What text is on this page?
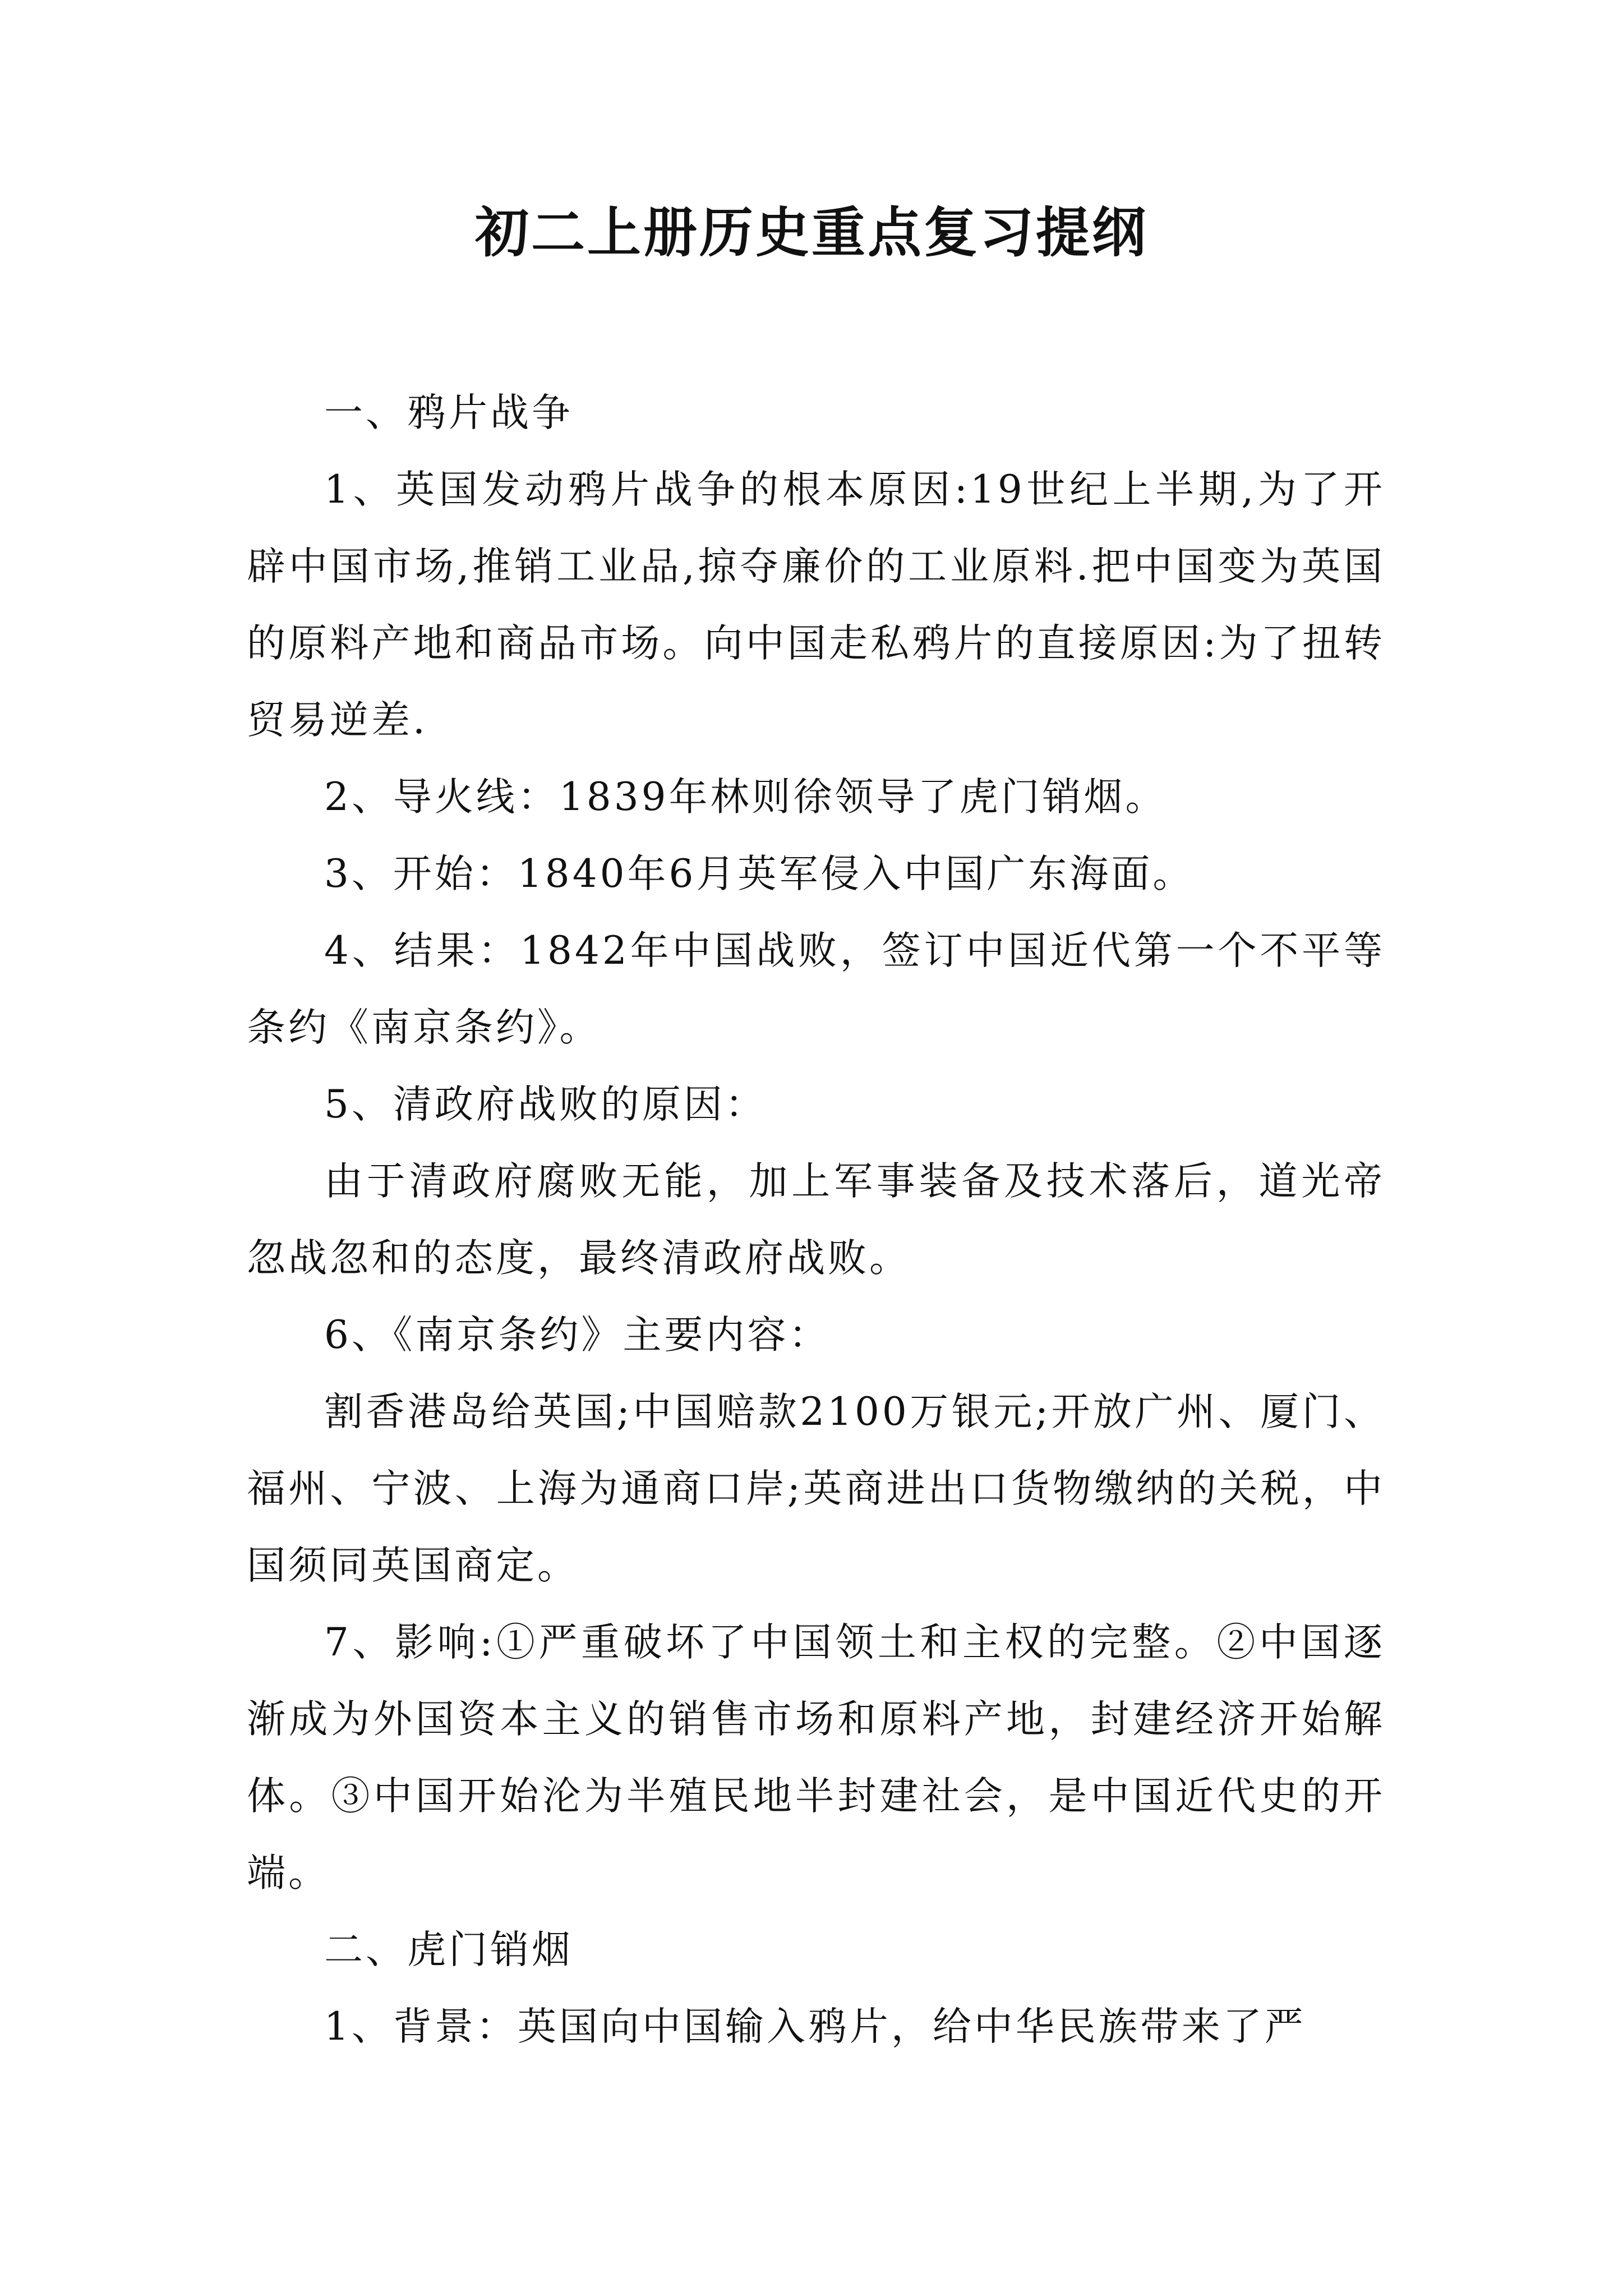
初二上册历史重点复习提纲

一、鸦片战争

1、英国发动鸦片战争的根本原因:19世纪上半期,为了开辟中国市场,推销工业品,掠夺廉价的工业原料.把中国变为英国的原料产地和商品市场。向中国走私鸦片的直接原因:为了扭转贸易逆差.

2、导火线：1839年林则徐领导了虎门销烟。

3、开始：1840年6月英军侵入中国广东海面。

4、结果：1842年中国战败，签订中国近代第一个不平等条约《南京条约》。

5、清政府战败的原因：

由于清政府腐败无能，加上军事装备及技术落后，道光帝忽战忽和的态度，最终清政府战败。

6、《南京条约》主要内容：

割香港岛给英国;中国赔款2100万银元;开放广州、厦门、福州、宁波、上海为通商口岸;英商进出口货物缴纳的关税，中国须同英国商定。

7、影响:①严重破坏了中国领土和主权的完整。②中国逐渐成为外国资本主义的销售市场和原料产地，封建经济开始解体。③中国开始沦为半殖民地半封建社会，是中国近代史的开端。

二、虎门销烟

1、背景：英国向中国输入鸦片，给中华民族带来了严
